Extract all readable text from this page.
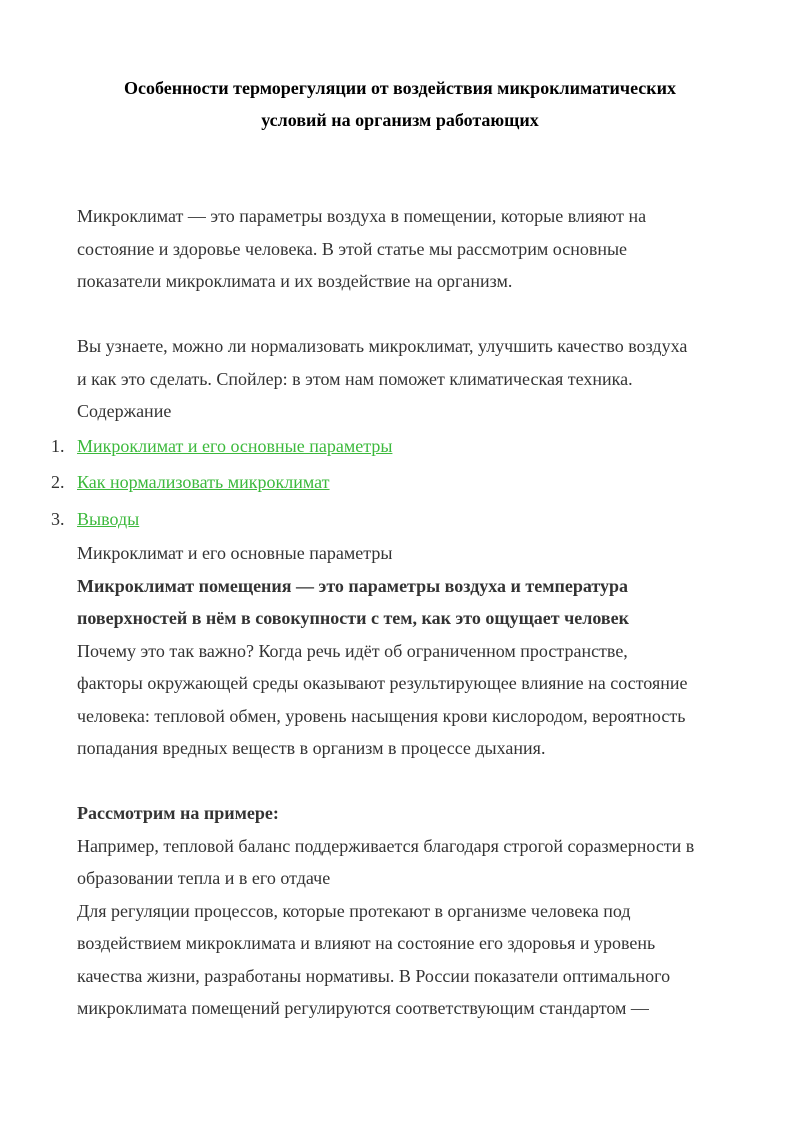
Особенности терморегуляции от воздействия микроклиматических
условий на организм работающих
Микроклимат — это параметры воздуха в помещении, которые влияют на
состояние и здоровье человека. В этой статье мы рассмотрим основные
показатели микроклимата и их воздействие на организм.
Вы узнаете, можно ли нормализовать микроклимат, улучшить качество воздуха
и как это сделать. Спойлер: в этом нам поможет климатическая техника.
Содержание
1. Микроклимат и его основные параметры
2. Как нормализовать микроклимат
3. Выводы
Микроклимат и его основные параметры
Микроклимат помещения — это параметры воздуха и температура
поверхностей в нём в совокупности с тем, как это ощущает человек
Почему это так важно? Когда речь идёт об ограниченном пространстве,
факторы окружающей среды оказывают результирующее влияние на состояние
человека: тепловой обмен, уровень насыщения крови кислородом, вероятность
попадания вредных веществ в организм в процессе дыхания.
Рассмотрим на примере:
Например, тепловой баланс поддерживается благодаря строгой соразмерности в
образовании тепла и в его отдаче
Для регуляции процессов, которые протекают в организме человека под
воздействием микроклимата и влияют на состояние его здоровья и уровень
качества жизни, разработаны нормативы. В России показатели оптимального
микроклимата помещений регулируются соответствующим стандартом —
